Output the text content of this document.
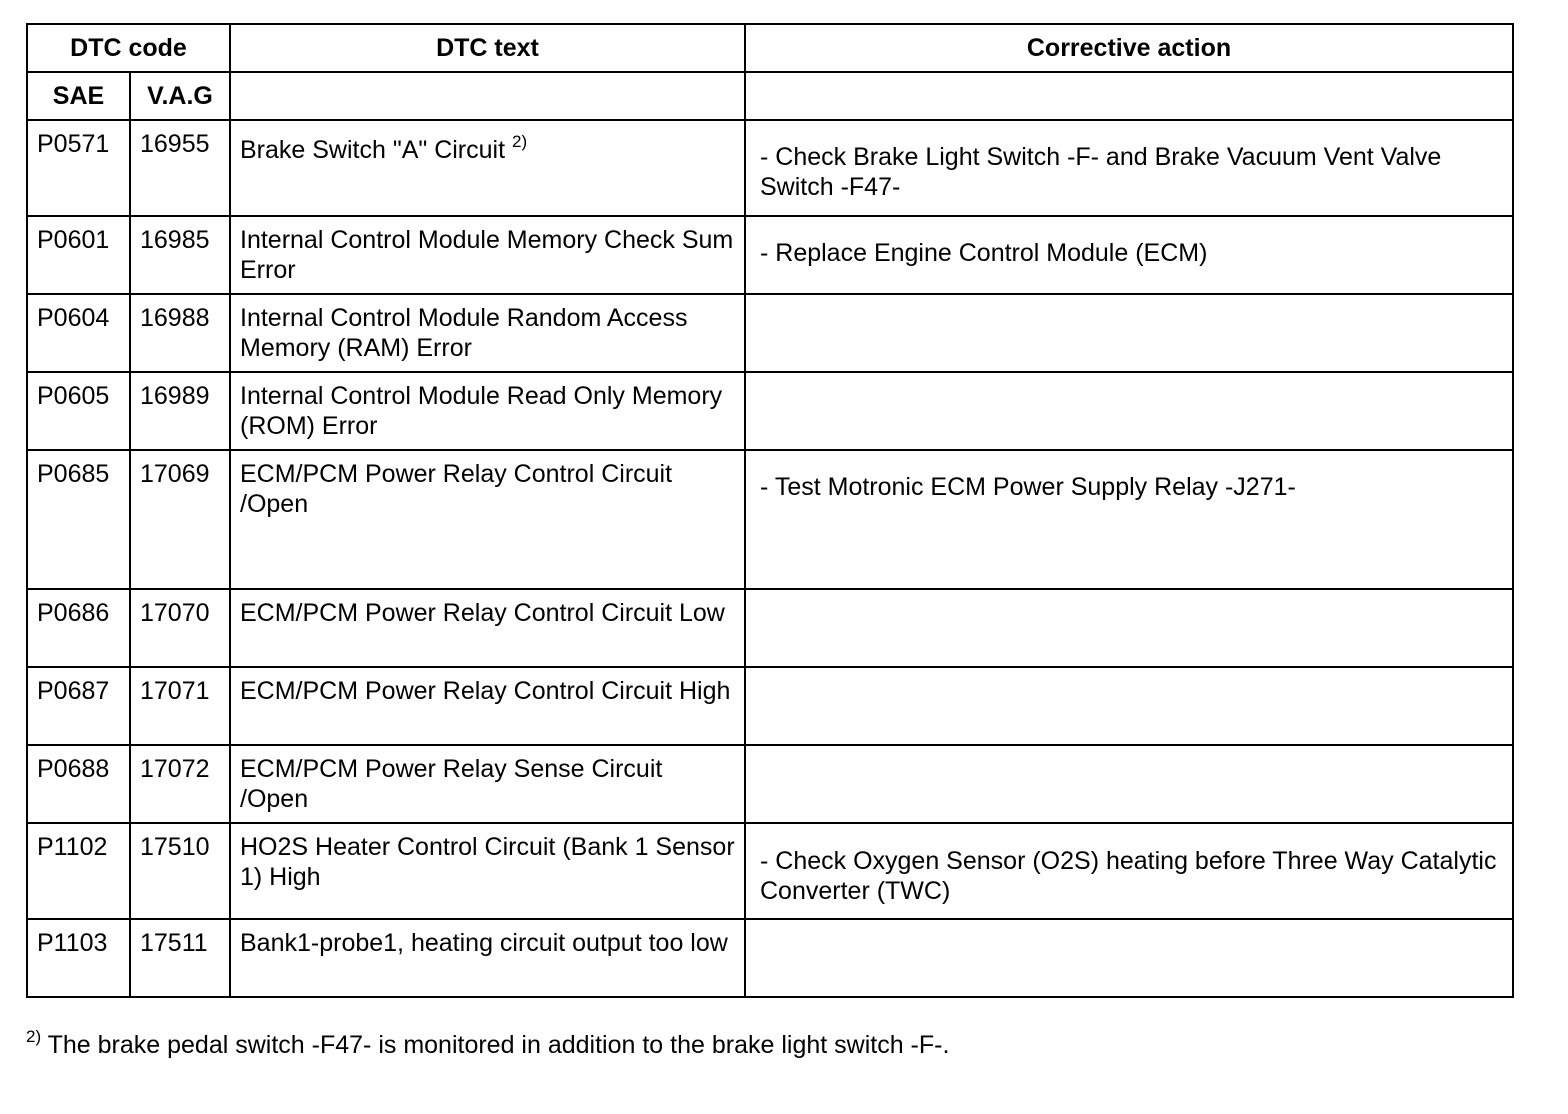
DTC code		DTC text	Corrective action
SAE	V.A.G		

P0571	16955	Brake Switch "A" Circuit $^{2)}$	- Check Brake Light Switch -F- and Brake Vacuum Vent Valve Switch -F47-

P0601	16985	Internal Control Module Memory Check Sum Error	- Replace Engine Control Module (ECM)

P0604	16988	Internal Control Module Random Access Memory (RAM) Error	

P0605	16989	Internal Control Module Read Only Memory (ROM) Error	

P0685	17069	ECM/PCM Power Relay Control Circuit /Open	- Test Motronic ECM Power Supply Relay -J271-

P0686	17070	ECM/PCM Power Relay Control Circuit Low	

P0687	17071	ECM/PCM Power Relay Control Circuit High	

P0688	17072	ECM/PCM Power Relay Sense Circuit /Open	

P1102	17510	HO2S Heater Control Circuit (Bank 1 Sensor 1) High	- Check Oxygen Sensor (O2S) heating before Three Way Catalytic Converter (TWC)

P1103	17511	Bank1-probe1, heating circuit output too low	

$^{2)}$ The brake pedal switch -F47- is monitored in addition to the brake light switch -F-.
